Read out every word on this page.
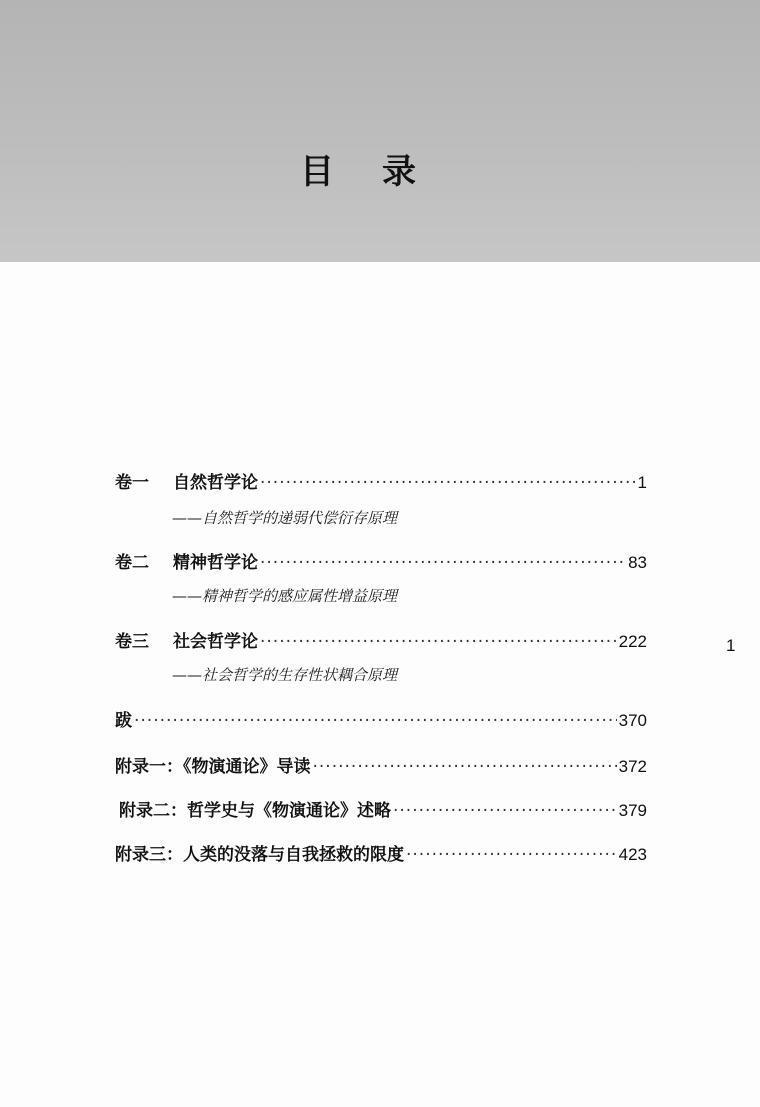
目录
卷一	自然哲学论 ·····	1
——自然哲学的递弱代偿衍存原理
卷二	精神哲学论 ·····	83
——精神哲学的感应属性增益原理
卷三	社会哲学论 ·····	222
——社会哲学的生存性状耦合原理
跋 ·····	370
附录一：《物演通论》导读 ·····	372
附录二：哲学史与《物演通论》述略 ·····	379
附录三：人类的没落与自我拯救的限度 ·····	423
1
